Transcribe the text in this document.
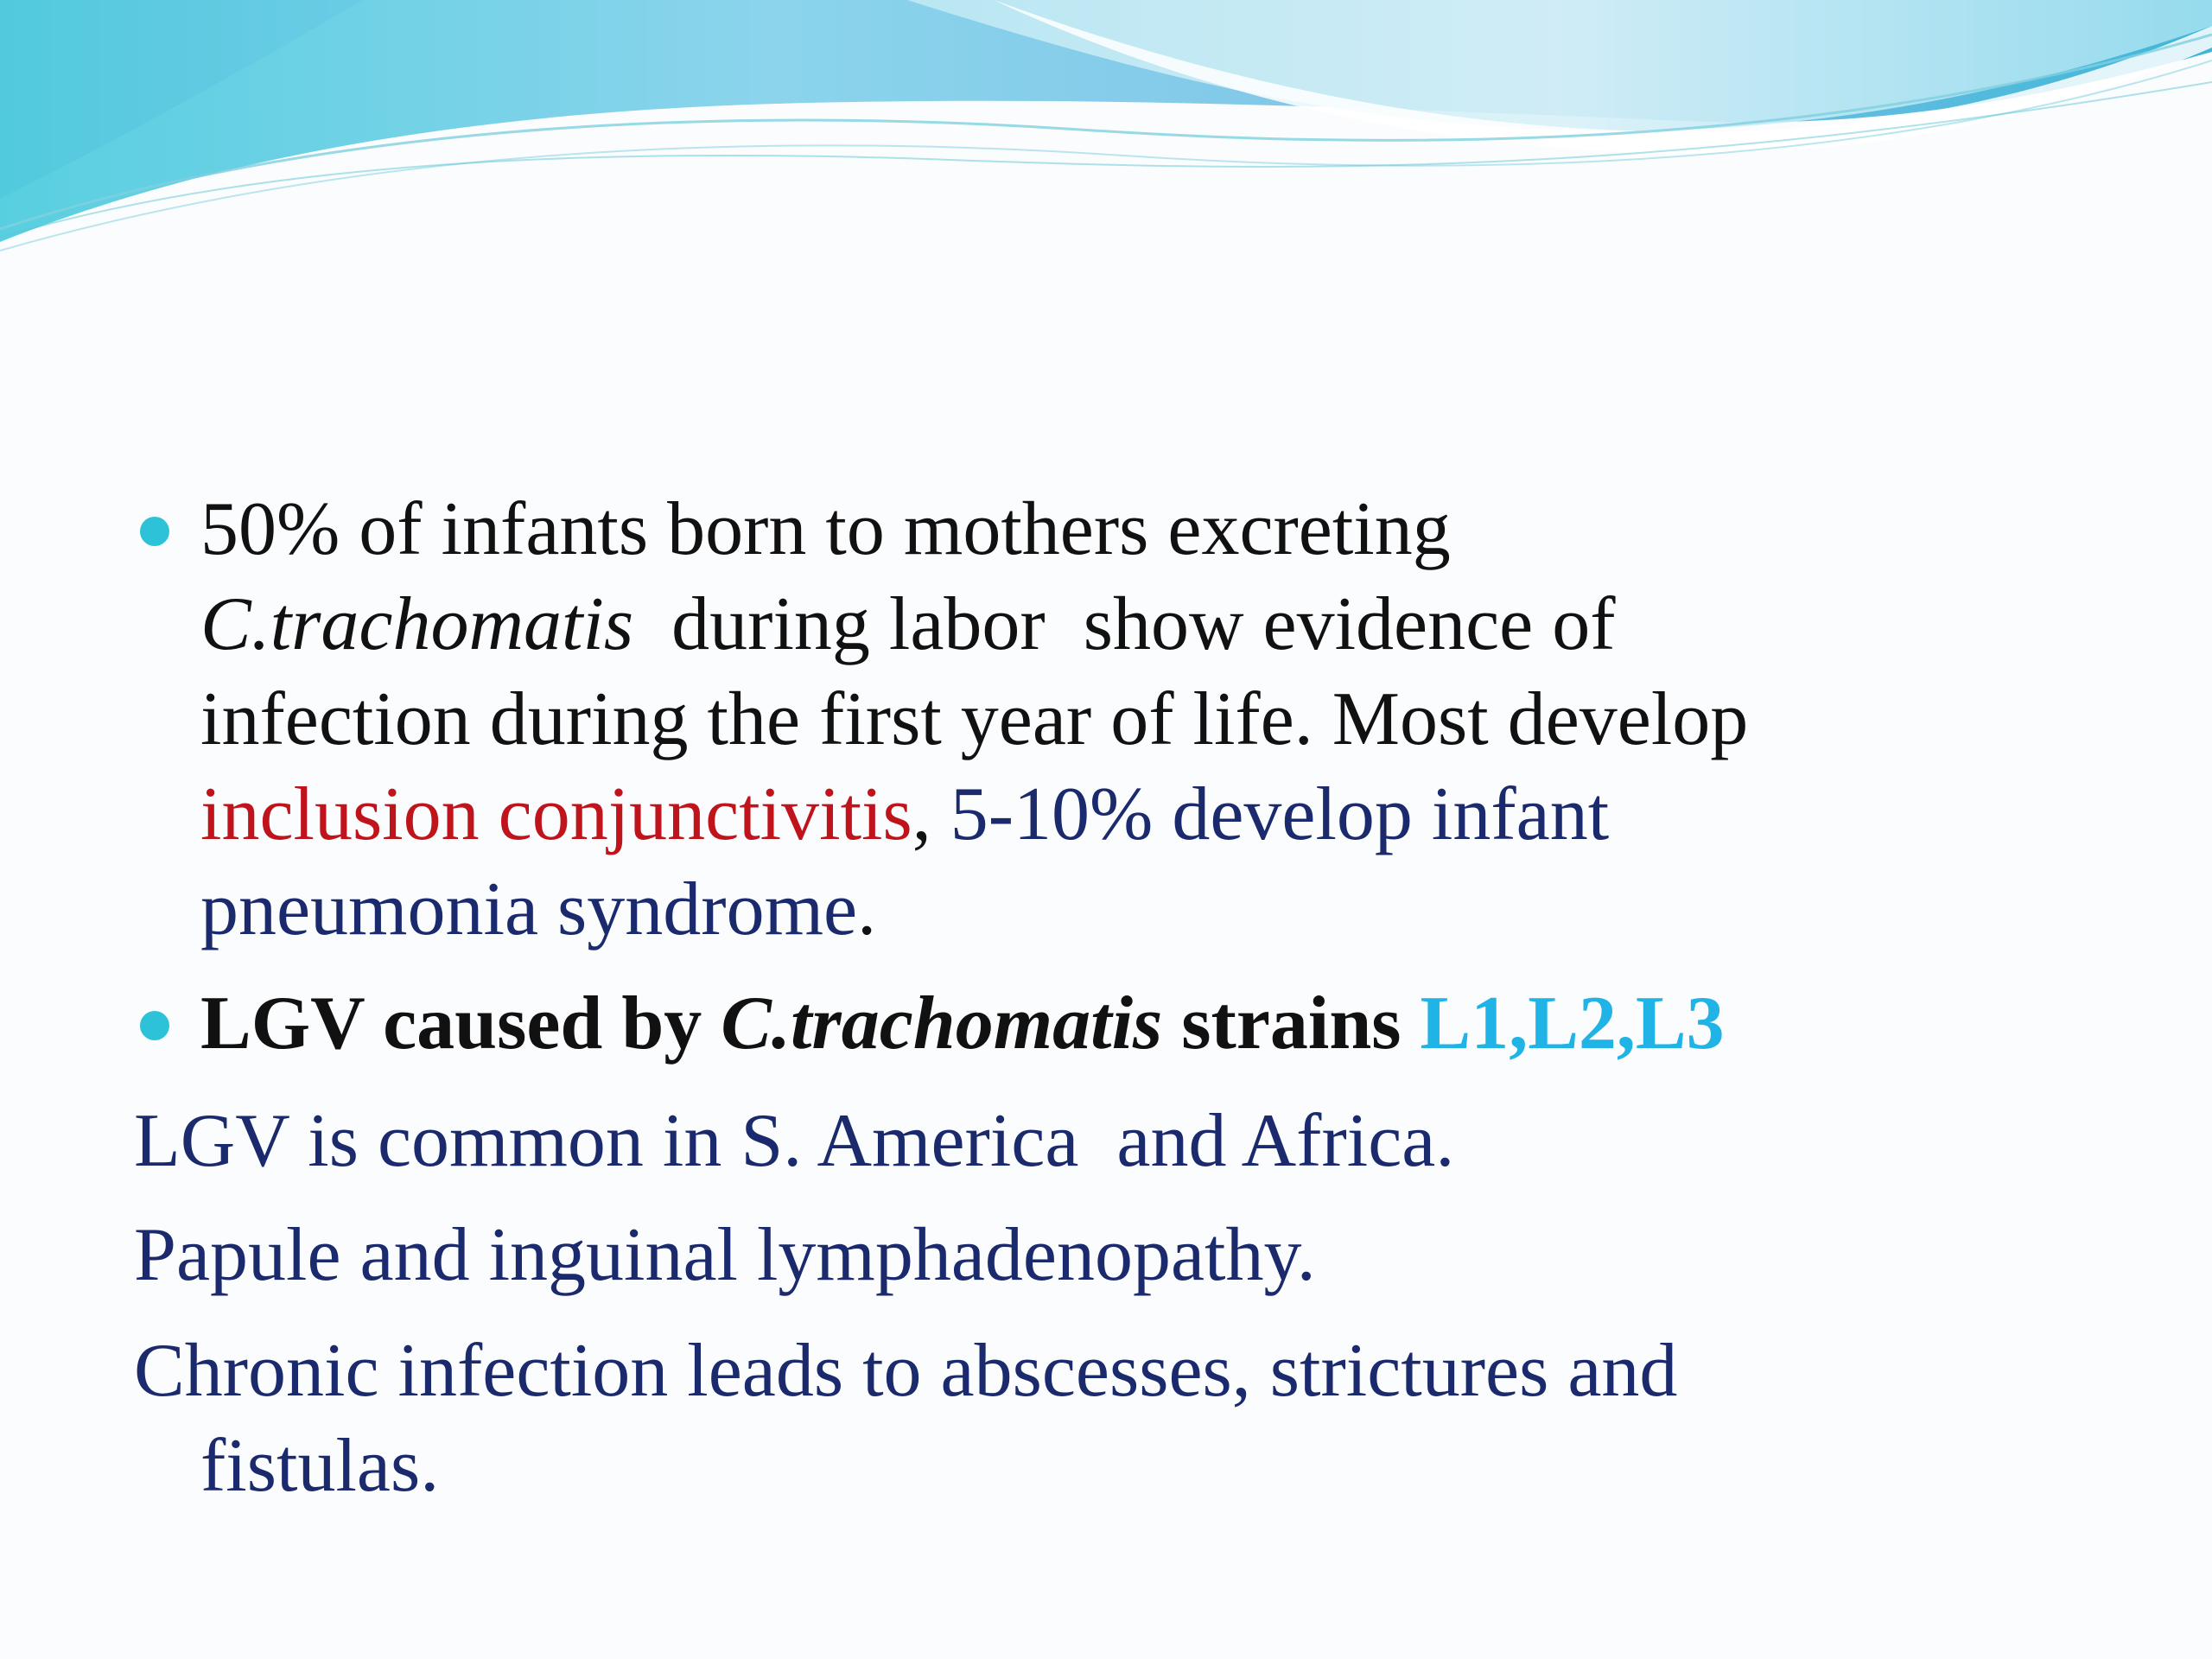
50% of infants born to mothers excreting
C.trachomatis  during labor  show evidence of
infection during the first year of life. Most develop
inclusion conjunctivitis, 5-10% develop infant
pneumonia syndrome.
LGV caused by C.trachomatis strains L1,L2,L3

LGV is common in S. America  and Africa.

Papule and inguinal lymphadenopathy.

Chronic infection leads to abscesses, strictures and
fistulas.
